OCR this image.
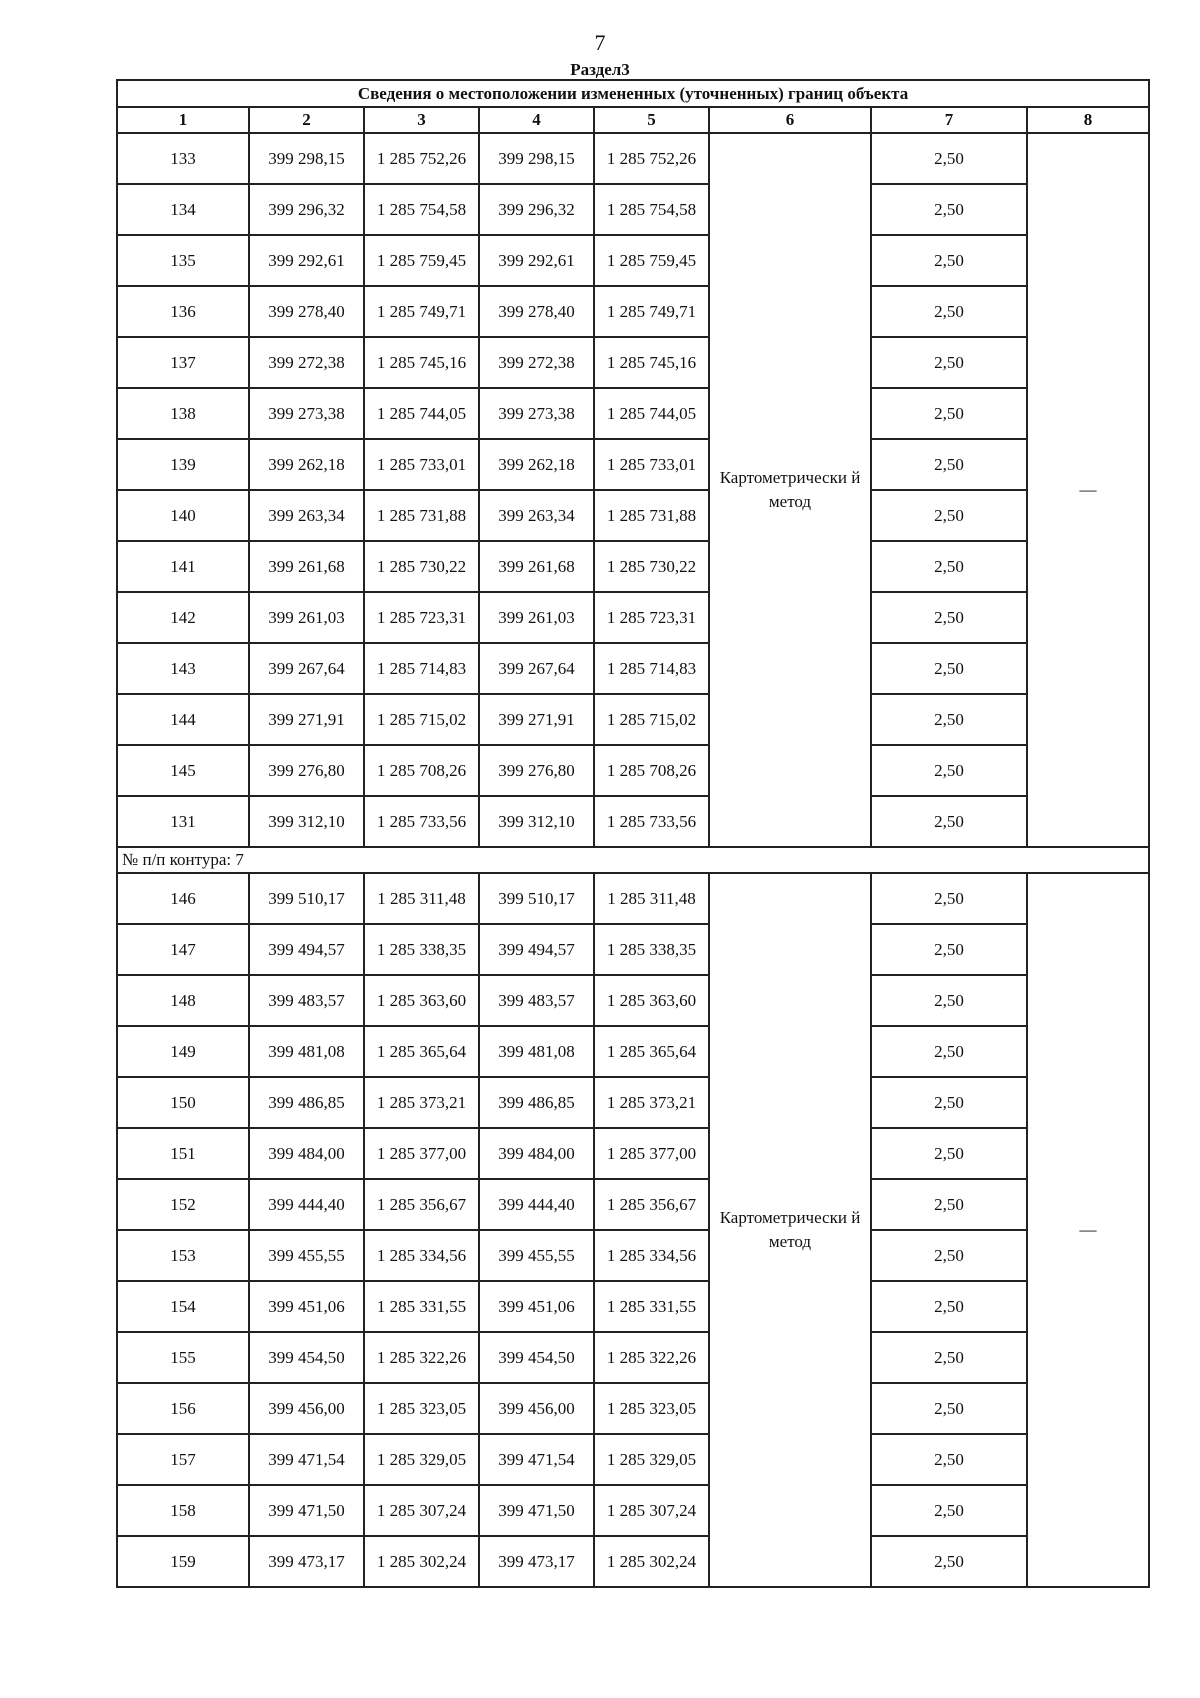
7
Раздел3
Сведения о местоположении измененных (уточненных) границ объекта							
1	2	3	4	5	6	7	8
133	399 298,15	1 285 752,26	399 298,15	1 285 752,26	Картометрически й метод	2,50	—
134	399 296,32	1 285 754,58	399 296,32	1 285 754,58		2,50	
135	399 292,61	1 285 759,45	399 292,61	1 285 759,45		2,50	
136	399 278,40	1 285 749,71	399 278,40	1 285 749,71		2,50	
137	399 272,38	1 285 745,16	399 272,38	1 285 745,16		2,50	
138	399 273,38	1 285 744,05	399 273,38	1 285 744,05		2,50	
139	399 262,18	1 285 733,01	399 262,18	1 285 733,01		2,50	
140	399 263,34	1 285 731,88	399 263,34	1 285 731,88		2,50	
141	399 261,68	1 285 730,22	399 261,68	1 285 730,22		2,50	
142	399 261,03	1 285 723,31	399 261,03	1 285 723,31		2,50	
143	399 267,64	1 285 714,83	399 267,64	1 285 714,83		2,50	
144	399 271,91	1 285 715,02	399 271,91	1 285 715,02		2,50	
145	399 276,80	1 285 708,26	399 276,80	1 285 708,26		2,50	
131	399 312,10	1 285 733,56	399 312,10	1 285 733,56		2,50	
№ п/п контура: 7							
146	399 510,17	1 285 311,48	399 510,17	1 285 311,48	Картометрически й метод	2,50	—
147	399 494,57	1 285 338,35	399 494,57	1 285 338,35		2,50	
148	399 483,57	1 285 363,60	399 483,57	1 285 363,60		2,50	
149	399 481,08	1 285 365,64	399 481,08	1 285 365,64		2,50	
150	399 486,85	1 285 373,21	399 486,85	1 285 373,21		2,50	
151	399 484,00	1 285 377,00	399 484,00	1 285 377,00		2,50	
152	399 444,40	1 285 356,67	399 444,40	1 285 356,67		2,50	
153	399 455,55	1 285 334,56	399 455,55	1 285 334,56		2,50	
154	399 451,06	1 285 331,55	399 451,06	1 285 331,55		2,50	
155	399 454,50	1 285 322,26	399 454,50	1 285 322,26		2,50	
156	399 456,00	1 285 323,05	399 456,00	1 285 323,05		2,50	
157	399 471,54	1 285 329,05	399 471,54	1 285 329,05		2,50	
158	399 471,50	1 285 307,24	399 471,50	1 285 307,24		2,50	
159	399 473,17	1 285 302,24	399 473,17	1 285 302,24		2,50	
